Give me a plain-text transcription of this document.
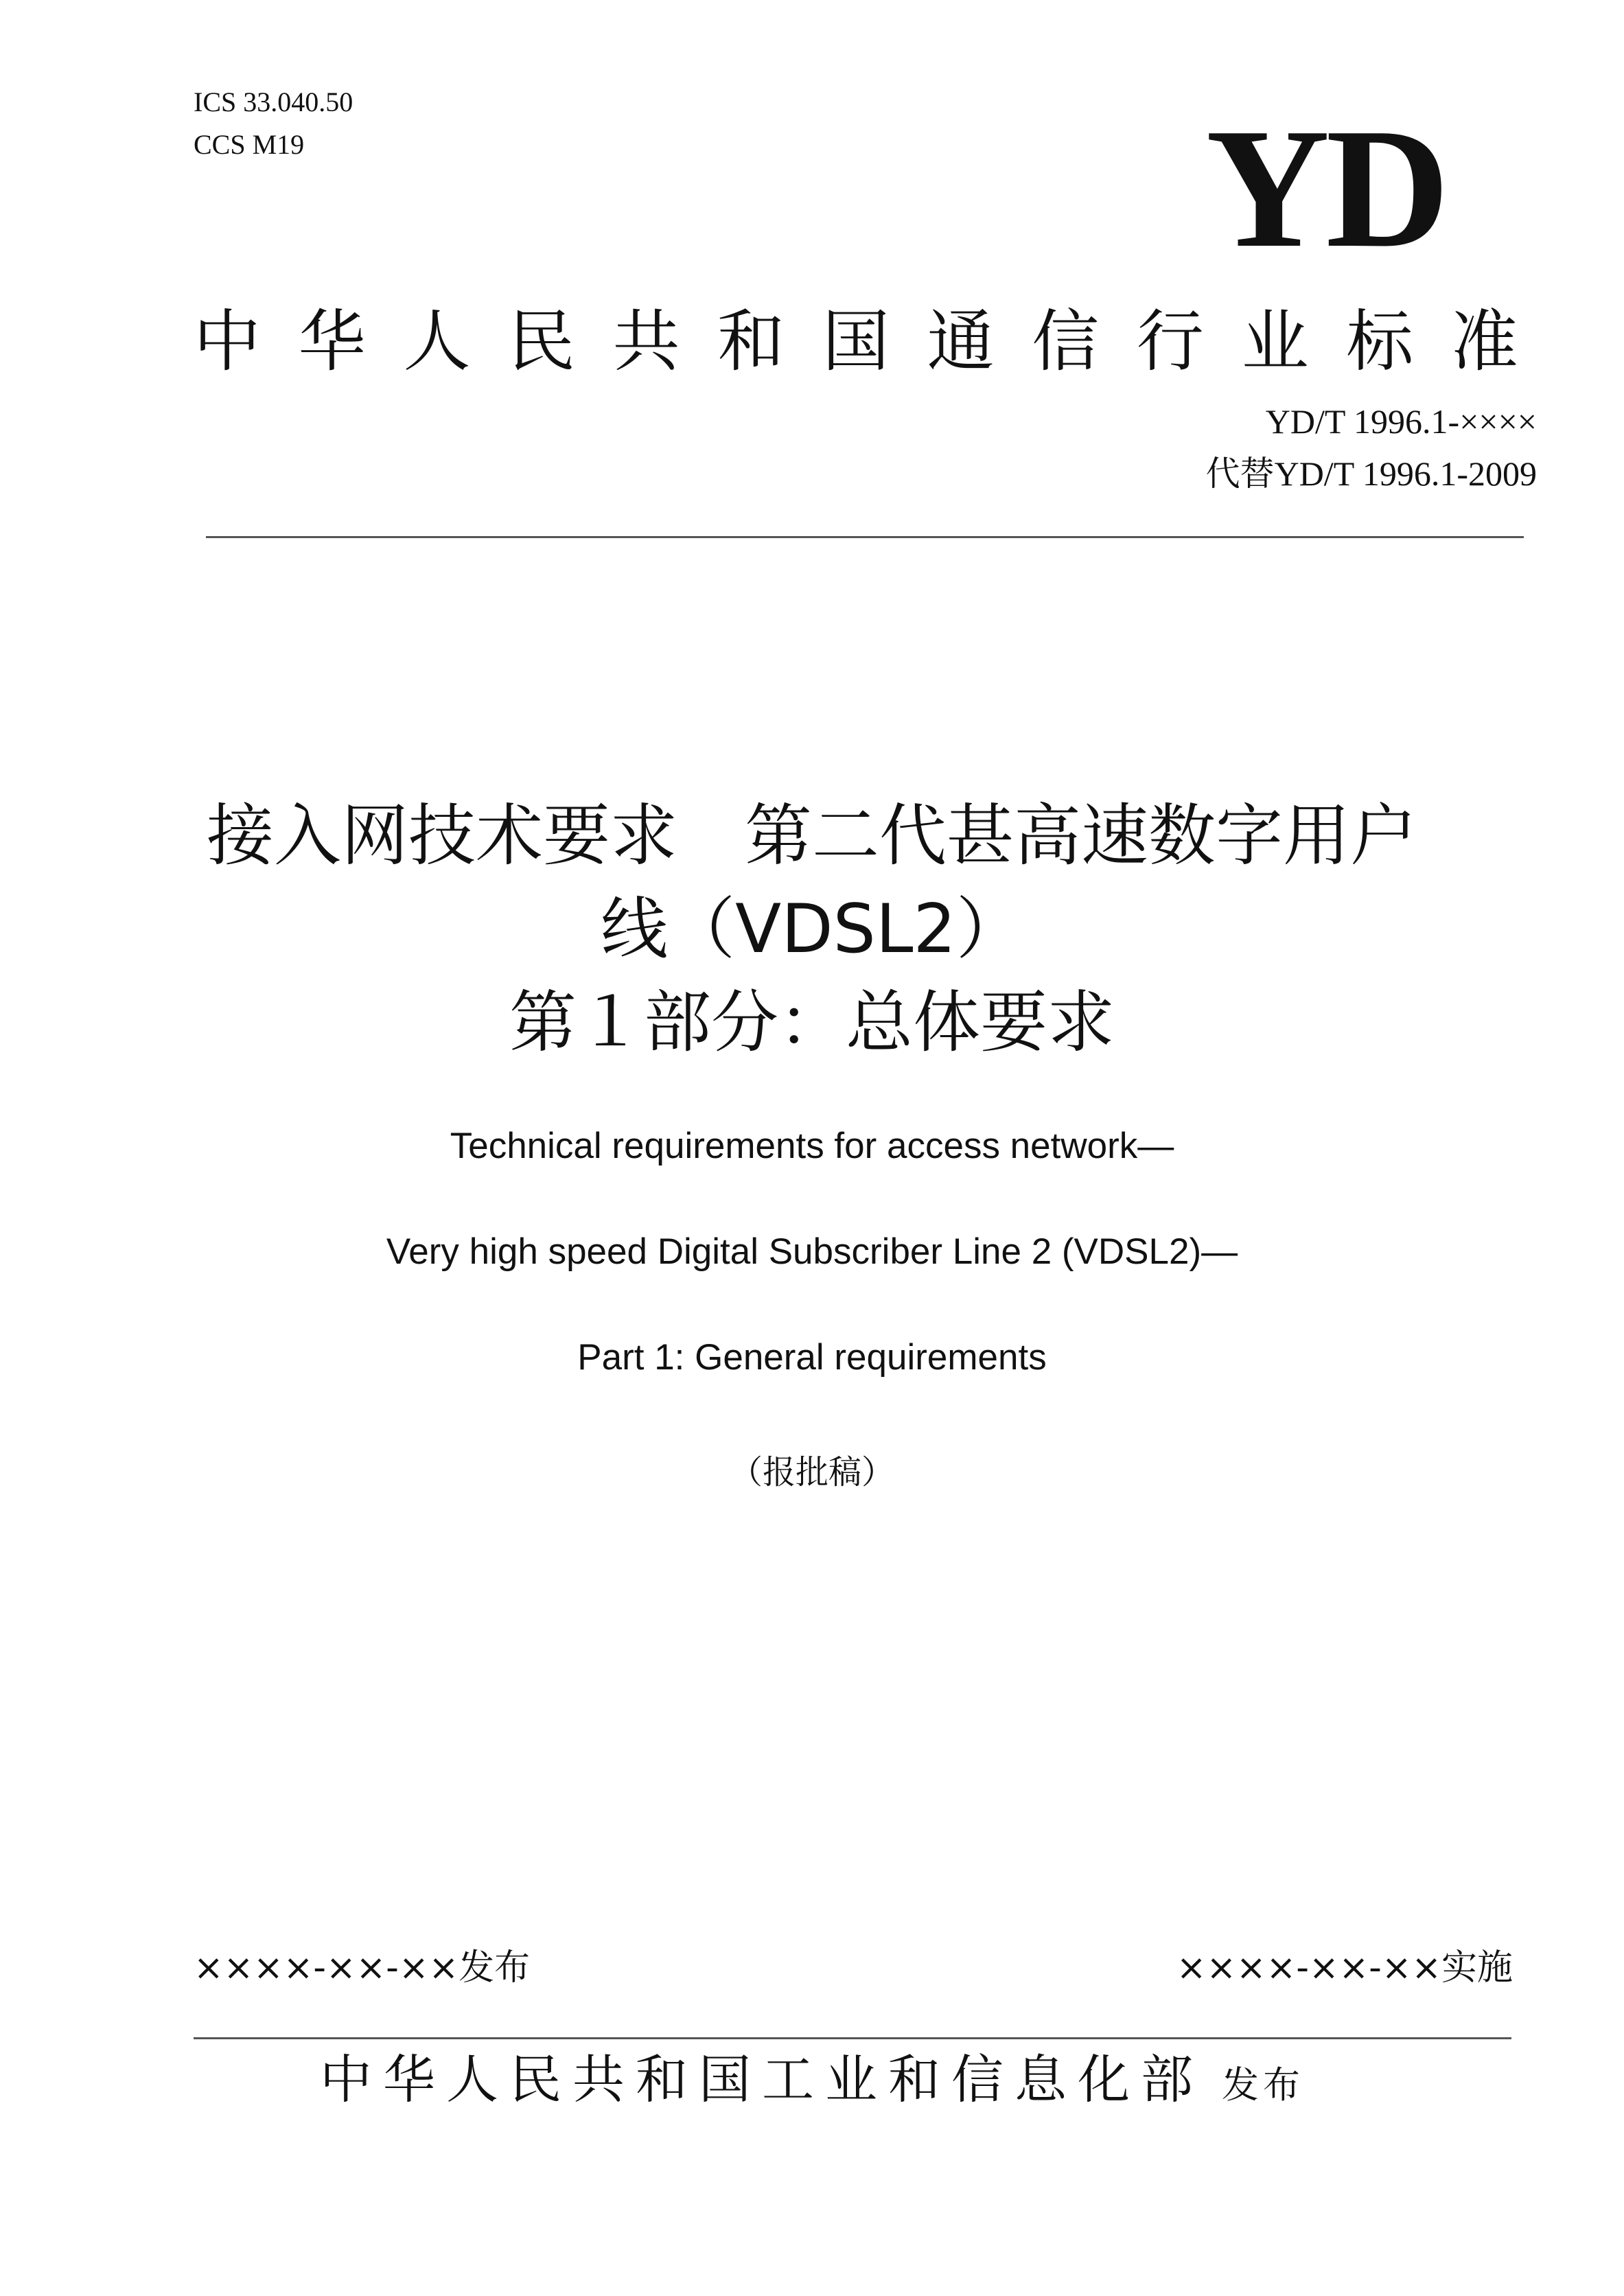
ICS 33.040.50
CCS M19	YD
中 华 人 民 共 和 国 通 信 行 业 标 准
YD/T 1996.1-××××
代替YD/T 1996.1-2009
接入网技术要求　第二代甚高速数字用户
线（VDSL2）
第１部分：总体要求
Technical requirements for access network—
Very high speed Digital Subscriber Line 2 (VDSL2)—
Part 1: General requirements
（报批稿）
××××-××-××发布	××××-××-××实施
中华人民共和国工业和信息化部 发布
